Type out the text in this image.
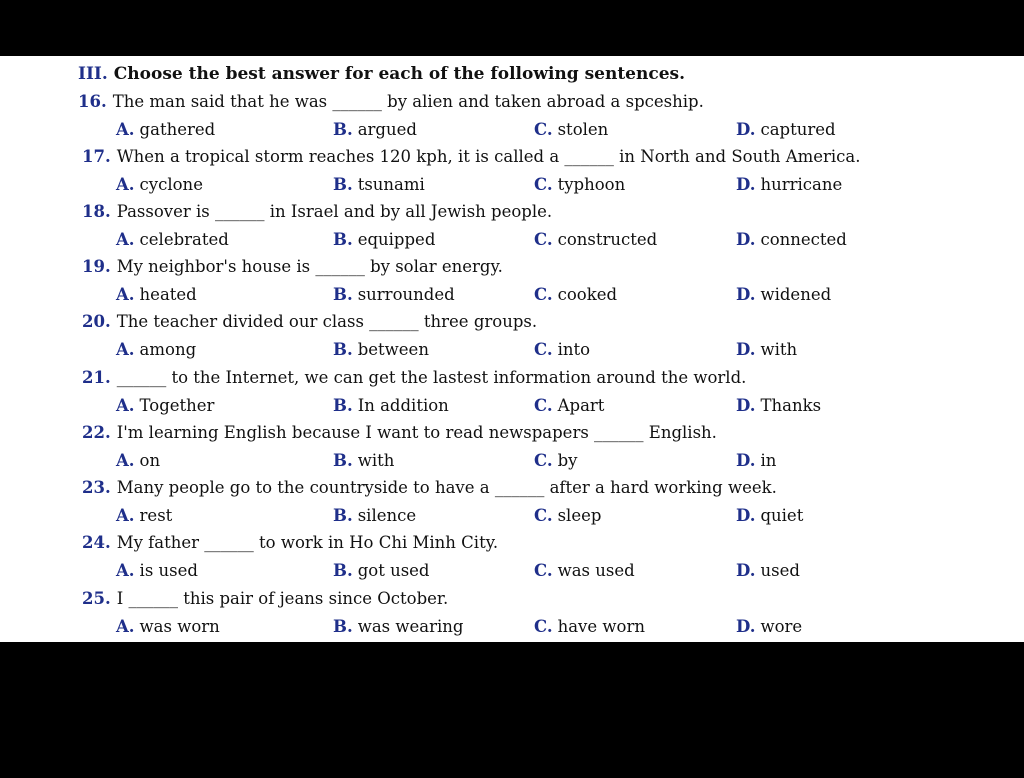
III. Choose the best answer for each of the following sentences.
16. The man said that he was ______ by alien and taken abroad a spceship.
A. gathered	B. argued	C. stolen	D. captured
17. When a tropical storm reaches 120 kph, it is called a ______ in North and South America.
A. cyclone	B. tsunami	C. typhoon	D. hurricane
18. Passover is ______ in Israel and by all Jewish people.
A. celebrated	B. equipped	C. constructed	D. connected
19. My neighbor's house is ______ by solar energy.
A. heated	B. surrounded	C. cooked	D. widened
20. The teacher divided our class ______ three groups.
A. among	B. between	C. into	D. with
21. ______ to the Internet, we can get the lastest information around the world.
A. Together	B. In addition	C. Apart	D. Thanks
22. I'm learning English because I want to read newspapers ______ English.
A. on	B. with	C. by	D. in
23. Many people go to the countryside to have a ______ after a hard working week.
A. rest	B. silence	C. sleep	D. quiet
24. My father ______ to work in Ho Chi Minh City.
A. is used	B. got used	C. was used	D. used
25. I ______ this pair of jeans since October.
A. was worn	B. was wearing	C. have worn	D. wore
